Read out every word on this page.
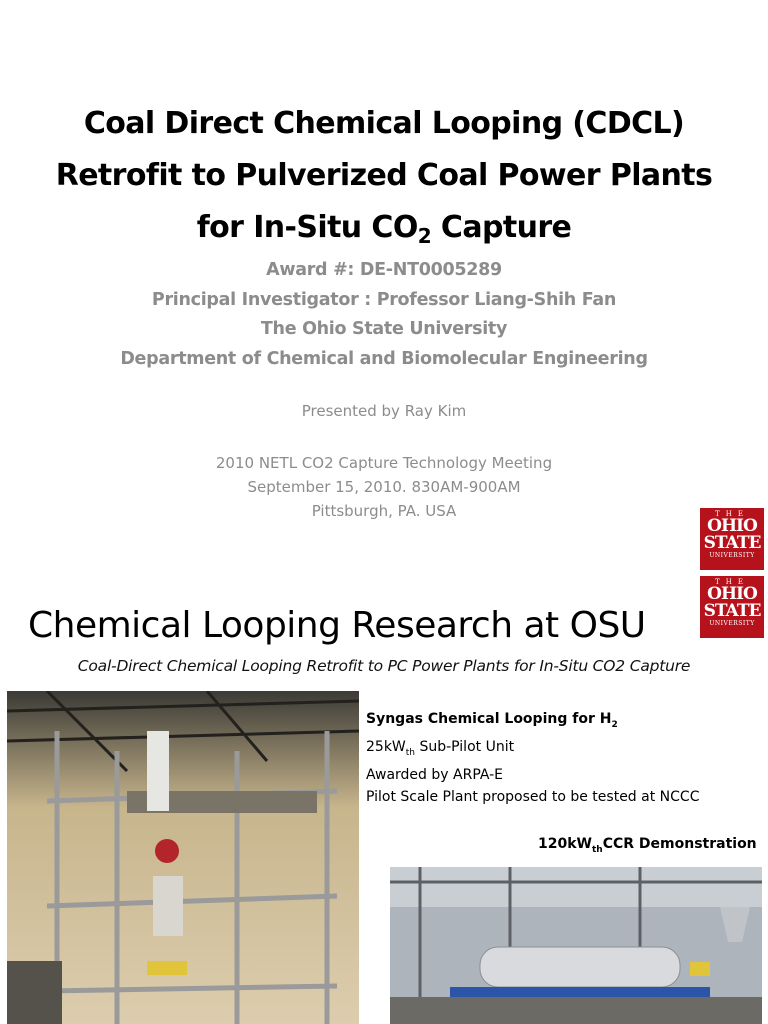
Coal Direct Chemical Looping (CDCL)
Retrofit to Pulverized Coal Power Plants
for In-Situ $CO_2$ Capture
Award #: DE-NT0005289
Principal Investigator : Professor Liang-Shih Fan
The Ohio State University
Department of Chemical and Biomolecular Engineering
Presented by Ray Kim
2010 NETL CO2 Capture Technology Meeting
September 15, 2010. 830AM-900AM
Pittsburgh, PA. USA	THE
OHIO
STATE
UNIVERSITY
THE
OHIO
STATE
UNIVERSITY
Chemical Looping Research at OSU
Coal-Direct Chemical Looping Retrofit to PC Power Plants for In-Situ CO2 Capture
Syngas Chemical Looping for $H_2$
$25kW_{th}$ Sub-Pilot Unit
Awarded by ARPA-E
Pilot Scale Plant proposed to be tested at NCCC
$120kW_{th}CCR$ Demonstration
